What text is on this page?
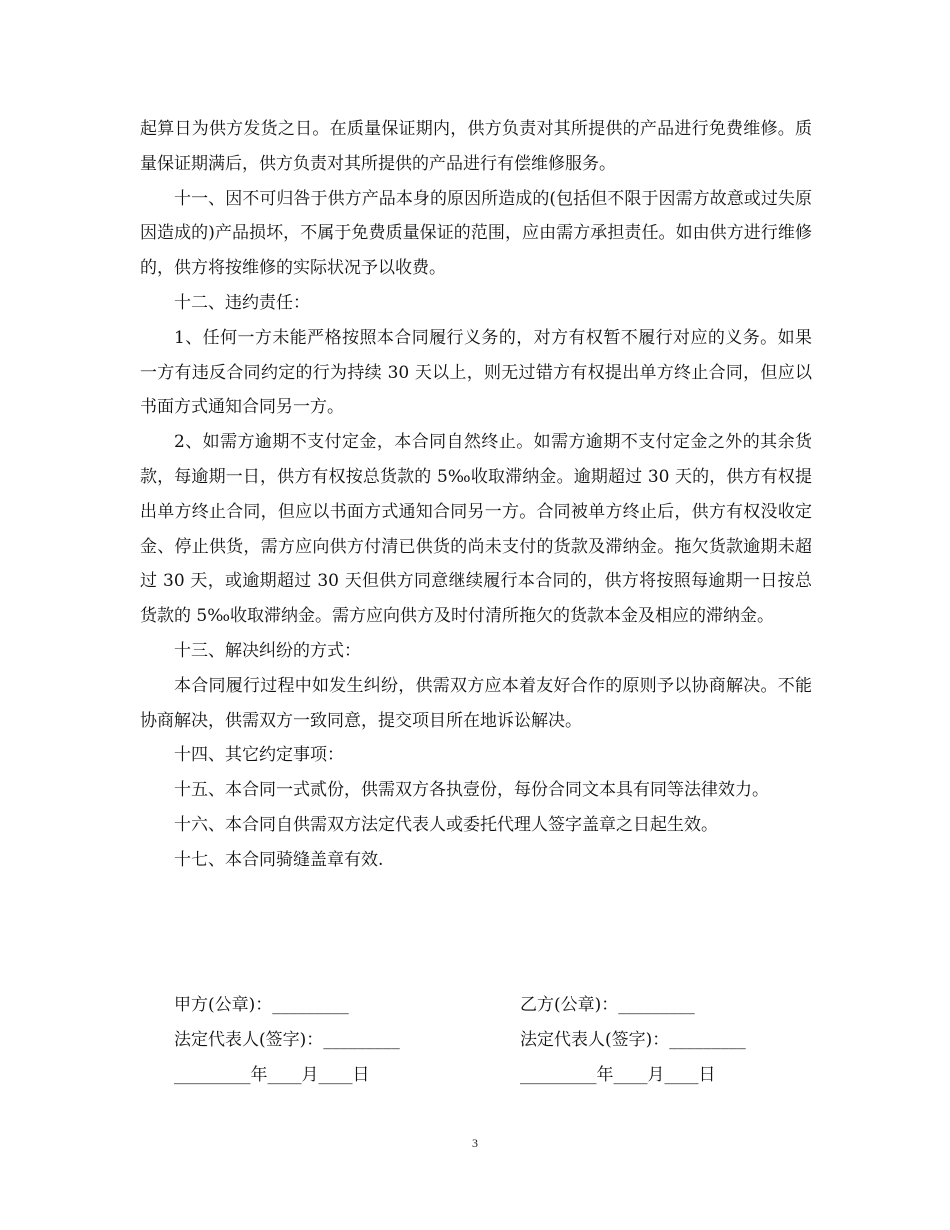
起算日为供方发货之日。在质量保证期内，供方负责对其所提供的产品进行免费维修。质量保证期满后，供方负责对其所提供的产品进行有偿维修服务。

十一、因不可归咎于供方产品本身的原因所造成的(包括但不限于因需方故意或过失原因造成的)产品损坏，不属于免费质量保证的范围，应由需方承担责任。如由供方进行维修的，供方将按维修的实际状况予以收费。

十二、违约责任：

1、任何一方未能严格按照本合同履行义务的，对方有权暂不履行对应的义务。如果一方有违反合同约定的行为持续 30 天以上，则无过错方有权提出单方终止合同，但应以书面方式通知合同另一方。

2、如需方逾期不支付定金，本合同自然终止。如需方逾期不支付定金之外的其余货款，每逾期一日，供方有权按总货款的 5‰收取滞纳金。逾期超过 30 天的，供方有权提出单方终止合同，但应以书面方式通知合同另一方。合同被单方终止后，供方有权没收定金、停止供货，需方应向供方付清已供货的尚未支付的货款及滞纳金。拖欠货款逾期未超过 30 天，或逾期超过 30 天但供方同意继续履行本合同的，供方将按照每逾期一日按总货款的 5‰收取滞纳金。需方应向供方及时付清所拖欠的货款本金及相应的滞纳金。

十三、解决纠纷的方式：

本合同履行过程中如发生纠纷，供需双方应本着友好合作的原则予以协商解决。不能协商解决，供需双方一致同意，提交项目所在地诉讼解决。

十四、其它约定事项：

十五、本合同一式贰份，供需双方各执壹份，每份合同文本具有同等法律效力。

十六、本合同自供需双方法定代表人或委托代理人签字盖章之日起生效。

十七、本合同骑缝盖章有效.

甲方(公章)：_________	乙方(公章)：_________
法定代表人(签字)：_________	法定代表人(签字)：_________
_________年____月____日	_________年____月____日
3
